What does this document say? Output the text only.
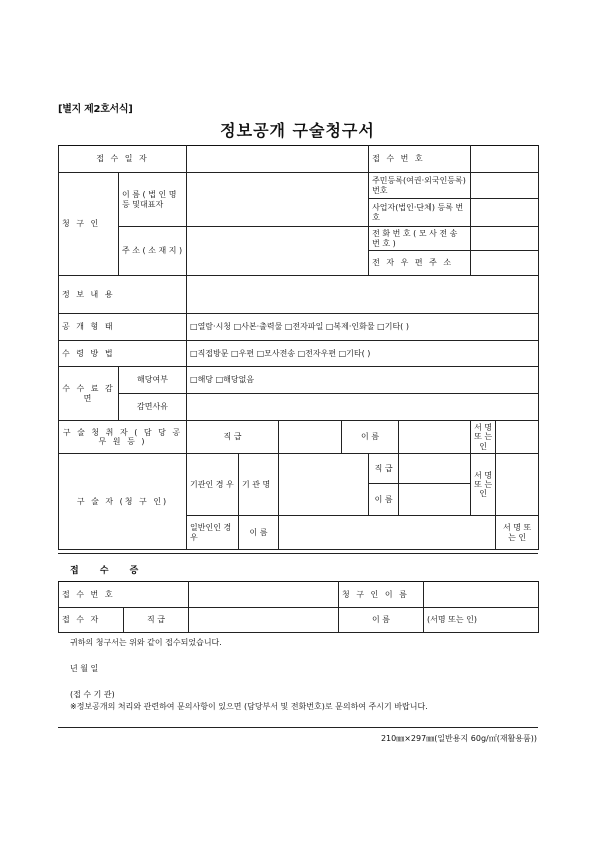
[별지 제2호서식]
정보공개 구술청구서
접 수 일 자						접 수 번 호				
청 구 인	이 름 ( 법 인 명 등 및대표자					주민등록(여권·외국인등록)번호				
						사업자(법인·단체) 등록 번호				
	주 소 ( 소 재 지 )					전 화 번 호 ( 모 사 전 송 번 호 )				
						전 자 우 편 주 소				
정 보 내 용										
공 개 형 태		□열람·시청 □사본·출력물 □전자파일 □복제·인화물 □기타( )								
수 령 방 법		□직접방문 □우편 □모사전송 □전자우편 □기타( )								
수 수 료 감 면	해당여부	□해당 □해당없음								
	감면사유									
구 술 청 취 자 ( 담 당 공 무 원 등 )		직 급			이 름			서 명 또 는 인		
구 술 자 (청 구 인)		기관인 경 우	기 관 명			직 급		서 명 또 는 인		
						이 름				
		일반인인 경우	이 름						서 명 또 는 인	
접 수 증
접 수 번 호			청 구 인 이 름	
접 수 자	직 급		이 름	(서명 또는 인)
귀하의 청구서는 위와 같이 접수되었습니다.
년 월 일
(접 수 기 관)
※정보공개의 처리와 관련하여 문의사항이 있으면 (담당부서 및 전화번호)로 문의하여 주시기 바랍니다.
210㎜×297㎜(일반용지 60g/㎡(재활용품))
